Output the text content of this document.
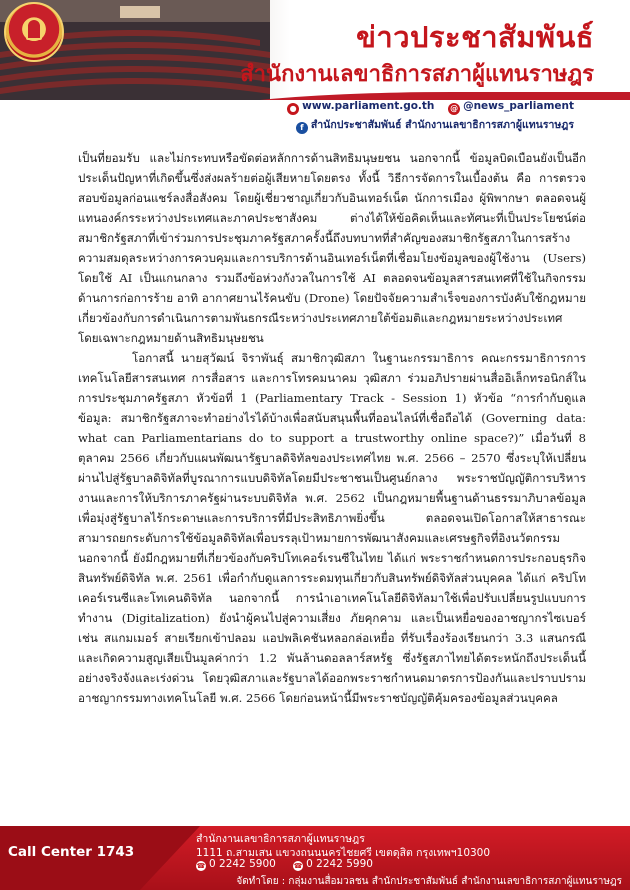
ข่าวประชาสัมพันธ์
สำนักงานเลขาธิการสภาผู้แทนราษฎร
● www.parliament.go.th @ @news_parliament
f สำนักประชาสัมพันธ์ สำนักงานเลขาธิการสภาผู้แทนราษฎร

เป็นที่ยอมรับ และไม่กระทบหรือขัดต่อหลักการด้านสิทธิมนุษยชน นอกจากนี้ ข้อมูลบิดเบือนยังเป็นอีกประเด็นปัญหาที่เกิดขึ้นซึ่งส่งผลร้ายต่อผู้เสียหายโดยตรง ทั้งนี้ วิธีการจัดการในเบื้องต้น คือ การตรวจสอบข้อมูลก่อนแชร์ลงสื่อสังคม โดยผู้เชี่ยวชาญเกี่ยวกับอินเทอร์เน็ต นักการเมือง ผู้พิพากษา ตลอดจนผู้แทนองค์กรระหว่างประเทศและภาคประชาสังคม ต่างได้ให้ข้อคิดเห็นและทัศนะที่เป็นประโยชน์ต่อสมาชิกรัฐสภาที่เข้าร่วมการประชุมภาครัฐสภาครั้งนี้ถึงบทบาทที่สำคัญของสมาชิกรัฐสภาในการสร้างความสมดุลระหว่างการควบคุมและการบริการด้านอินเทอร์เน็ตที่เชื่อมโยงข้อมูลของผู้ใช้งาน (Users) โดยใช้ AI เป็นแกนกลาง รวมถึงข้อห่วงกังวลในการใช้ AI ตลอดจนข้อมูลสารสนเทศที่ใช้ในกิจกรรมด้านการก่อการร้าย อาทิ อากาศยานไร้คนขับ (Drone) โดยปัจจัยความสำเร็จของการบังคับใช้กฎหมาย เกี่ยวข้องกับการดำเนินการตามพันธกรณีระหว่างประเทศภายใต้ข้อมติและกฎหมายระหว่างประเทศ โดยเฉพาะกฎหมายด้านสิทธิมนุษยชน

โอกาสนี้ นายสุวัฒน์ จิราพันธุ์ สมาชิกวุฒิสภา ในฐานะกรรมาธิการ คณะกรรมาธิการการเทคโนโลยีสารสนเทศ การสื่อสาร และการโทรคมนาคม วุฒิสภา ร่วมอภิปรายผ่านสื่ออิเล็กทรอนิกส์ในการประชุมภาครัฐสภา หัวข้อที่ 1 (Parliamentary Track - Session 1) หัวข้อ “การกำกับดูแลข้อมูล: สมาชิกรัฐสภาจะทำอย่างไรได้บ้างเพื่อสนับสนุนพื้นที่ออนไลน์ที่เชื่อถือได้ (Governing data: what can Parliamentarians do to support a trustworthy online space?)” เมื่อวันที่ 8 ตุลาคม 2566 เกี่ยวกับแผนพัฒนารัฐบาลดิจิทัลของประเทศไทย พ.ศ. 2566 – 2570 ซึ่งระบุให้เปลี่ยนผ่านไปสู่รัฐบาลดิจิทัลที่บูรณาการแบบดิจิทัลโดยมีประชาชนเป็นศูนย์กลาง พระราชบัญญัติการบริหารงานและการให้บริการภาครัฐผ่านระบบดิจิทัล พ.ศ. 2562 เป็นกฎหมายพื้นฐานด้านธรรมาภิบาลข้อมูลเพื่อมุ่งสู่รัฐบาลไร้กระดาษและการบริการที่มีประสิทธิภาพยิ่งขึ้น ตลอดจนเปิดโอกาสให้สาธารณะสามารถยกระดับการใช้ข้อมูลดิจิทัลเพื่อบรรลุเป้าหมายการพัฒนาสังคมและเศรษฐกิจที่อิงนวัตกรรม นอกจากนี้ ยังมีกฎหมายที่เกี่ยวข้องกับคริปโทเคอร์เรนซีในไทย ได้แก่ พระราชกำหนดการประกอบธุรกิจสินทรัพย์ดิจิทัล พ.ศ. 2561 เพื่อกำกับดูแลการระดมทุนเกี่ยวกับสินทรัพย์ดิจิทัลส่วนบุคคล ได้แก่ คริปโทเคอร์เรนซีและโทเคนดิจิทัล นอกจากนี้ การนำเอาเทคโนโลยีดิจิทัลมาใช้เพื่อปรับเปลี่ยนรูปแบบการทำงาน (Digitalization) ยังนำผู้คนไปสู่ความเสี่ยง ภัยคุกคาม และเป็นเหยื่อของอาชญากรไซเบอร์ เช่น สแกมเมอร์ สายเรียกเข้าปลอม แอปพลิเคชันหลอกล่อเหยื่อ ที่รับเรื่องร้องเรียนกว่า 3.3 แสนกรณี และเกิดความสูญเสียเป็นมูลค่ากว่า 1.2 พันล้านดอลลาร์สหรัฐ ซึ่งรัฐสภาไทยได้ตระหนักถึงประเด็นนี้อย่างจริงจังและเร่งด่วน โดยวุฒิสภาและรัฐบาลได้ออกพระราชกำหนดมาตรการป้องกันและปราบปรามอาชญากรรมทางเทคโนโลยี พ.ศ. 2566 โดยก่อนหน้านี้มีพระราชบัญญัติคุ้มครองข้อมูลส่วนบุคคล

Call Center 1743
สำนักงานเลขาธิการสภาผู้แทนราษฎร
1111 ถ.สามเสน แขวงถนนนครไชยศรี เขตดุสิต กรุงเทพฯ10300
☎ 0 2242 5900	☎ 0 2242 5990
จัดทำโดย : กลุ่มงานสื่อมวลชน สำนักประชาสัมพันธ์ สำนักงานเลขาธิการสภาผู้แทนราษฎร
